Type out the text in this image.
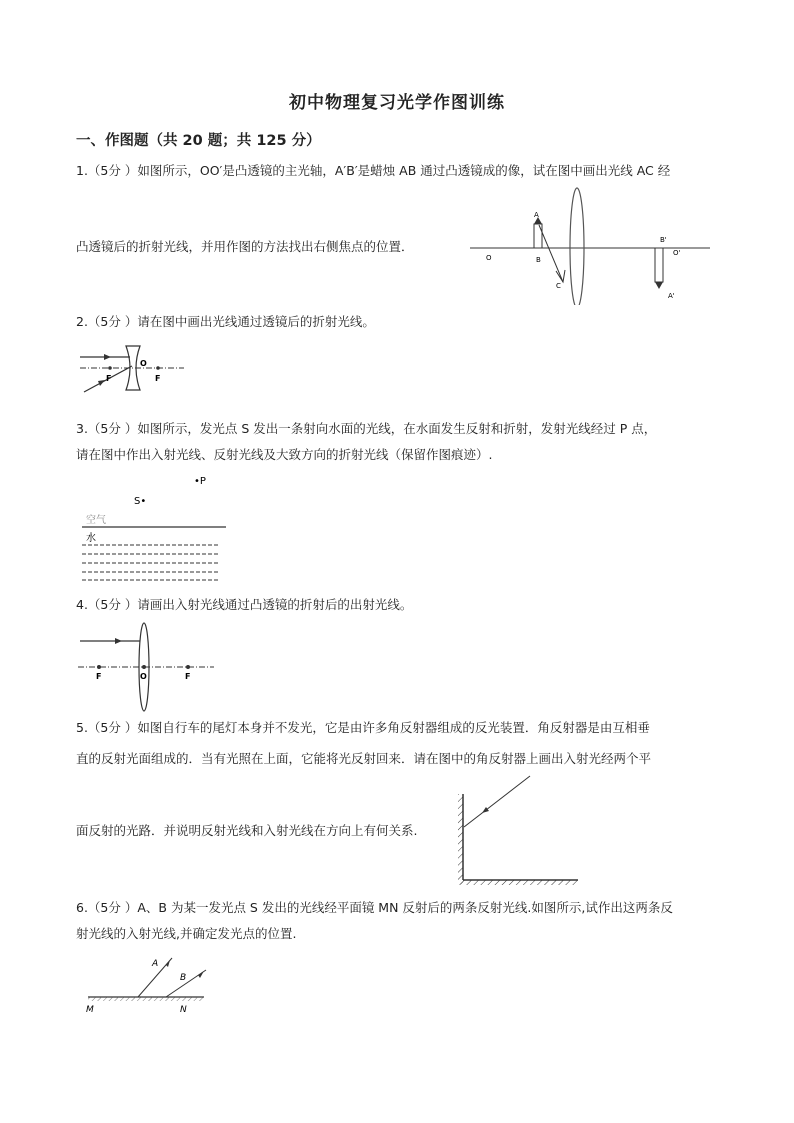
初中物理复习光学作图训练
一、作图题（共 20 题；共 125 分）
1.（5分 ）如图所示，OO′是凸透镜的主光轴，A′B′是蜡烛 AB 通过凸透镜成的像，试在图中画出光线 AC 经
凸透镜后的折射光线，并用作图的方法找出右侧焦点的位置．
A
B
O
C
B'
O'
A'
2.（5分 ）请在图中画出光线通过透镜后的折射光线。
O
F	F
3.（5分 ）如图所示，发光点 S 发出一条射向水面的光线，在水面发生反射和折射，发射光线经过 P 点，
请在图中作出入射光线、反射光线及大致方向的折射光线（保留作图痕迹）.
•P
S•
空气
水
4.（5分 ）请画出入射光线通过凸透镜的折射后的出射光线。
F	O	F
5.（5分 ）如图自行车的尾灯本身并不发光，它是由许多角反射器组成的反光装置．角反射器是由互相垂
直的反射光面组成的．当有光照在上面，它能将光反射回来．请在图中的角反射器上画出入射光经两个平
面反射的光路．并说明反射光线和入射光线在方向上有何关系.
6.（5分 ）A、B 为某一发光点 S 发出的光线经平面镜 MN 反射后的两条反射光线.如图所示,试作出这两条反
射光线的入射光线,并确定发光点的位置.
A
B
M	N
